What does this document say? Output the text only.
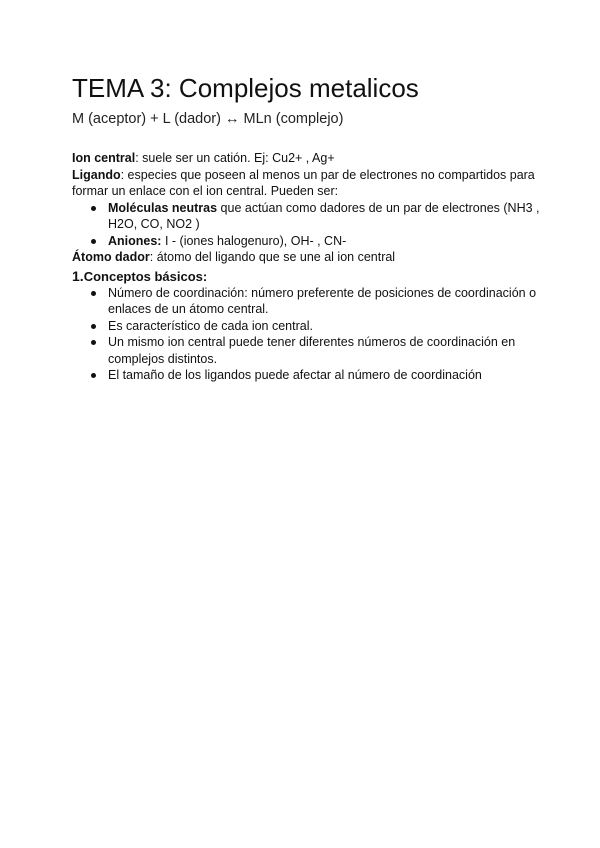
TEMA 3: Complejos metalicos
M (aceptor) + L (dador) ↔ MLn (complejo)

Ion central: suele ser un catión. Ej: Cu2+ , Ag+

Ligando: especies que poseen al menos un par de electrones no compartidos para formar un enlace con el ion central. Pueden ser:

Moléculas neutras que actúan como dadores de un par de electrones (NH3 , H2O, CO, NO2 )
Aniones: I - (iones halogenuro), OH- , CN-

Átomo dador: átomo del ligando que se une al ion central

1.Conceptos básicos:
Número de coordinación: número preferente de posiciones de coordinación o enlaces de un átomo central.
Es característico de cada ion central.
Un mismo ion central puede tener diferentes números de coordinación en complejos distintos.
El tamaño de los ligandos puede afectar al número de coordinación
